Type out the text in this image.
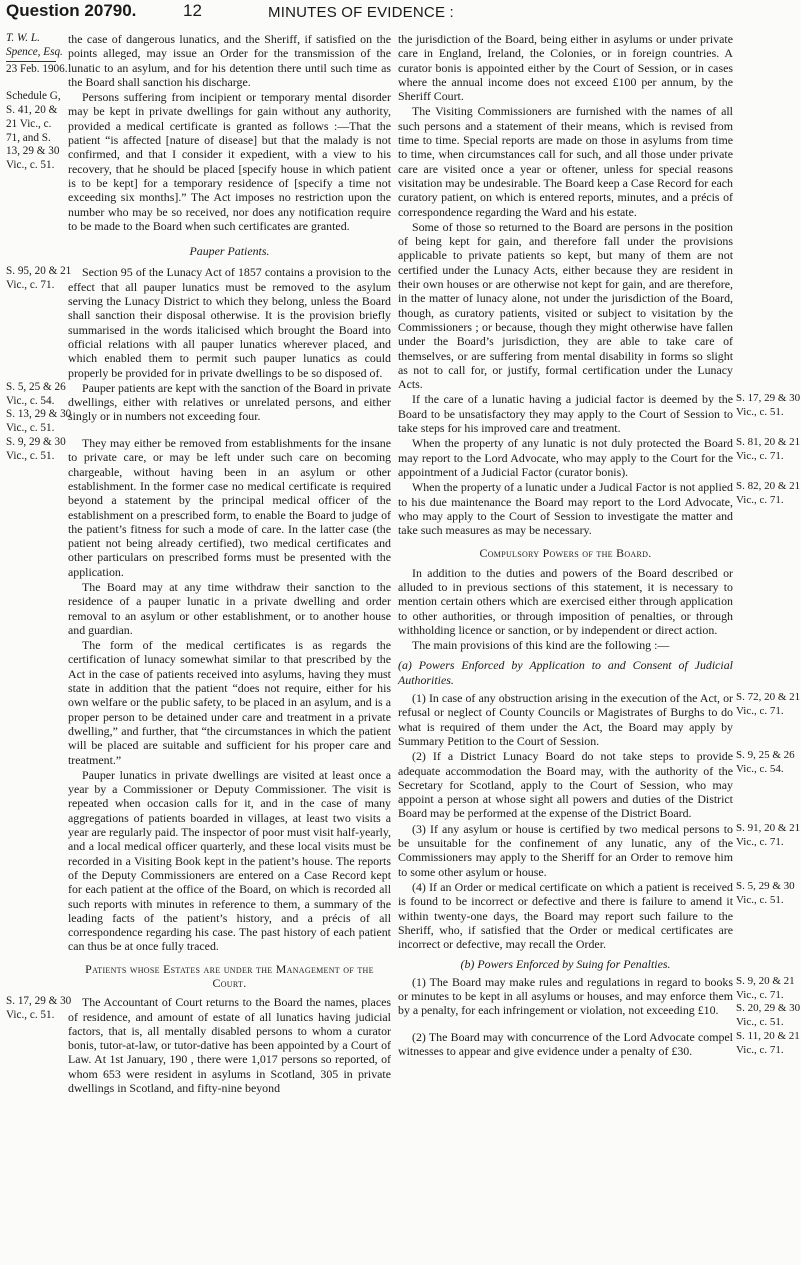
Question 20790.	12	MINUTES OF EVIDENCE :
T. W. L.
Spence, Esq.
23 Feb. 1906.

the case of dangerous lunatics, and the Sheriff, if satisfied on the points alleged, may issue an Order for the transmission of the lunatic to an asylum, and for his detention there until such time as the Board shall sanction his discharge.

Schedule G,
S. 41, 20 &
21 Vic., c.
71, and S.
13, 29 & 30
Vic., c. 51.

Persons suffering from incipient or temporary mental disorder may be kept in private dwellings for gain without any authority, provided a medical certificate is granted as follows :—That the patient “is affected [nature of disease] but that the malady is not confirmed, and that I consider it expedient, with a view to his recovery, that he should be placed [specify house in which patient is to be kept] for a temporary residence of [specify a time not exceeding six months].” The Act imposes no restriction upon the number who may be so received, nor does any notification require to be made to the Board when such certificates are granted.

Pauper Patients.

S. 95, 20 & 21
Vic., c. 71.

Section 95 of the Lunacy Act of 1857 contains a provision to the effect that all pauper lunatics must be removed to the asylum serving the Lunacy District to which they belong, unless the Board shall sanction their disposal otherwise. It is the provision briefly summarised in the words italicised which brought the Board into official relations with all pauper lunatics wherever placed, and which enabled them to permit such pauper lunatics as could properly be provided for in private dwellings to be so disposed of.

S. 5, 25 & 26
Vic., c. 54.
S. 13, 29 & 30
Vic., c. 51.

Pauper patients are kept with the sanction of the Board in private dwellings, either with relatives or unrelated persons, and either singly or in numbers not exceeding four.

S. 9, 29 & 30
Vic., c. 51.

They may either be removed from establishments for the insane to private care, or may be left under such care on becoming chargeable, without having been in an asylum or other establishment. In the former case no medical certificate is required beyond a statement by the principal medical officer of the establishment on a prescribed form, to enable the Board to judge of the patient’s fitness for such a mode of care. In the latter case (the patient not being already certified), two medical certificates and other particulars on prescribed forms must be presented with the application.

The Board may at any time withdraw their sanction to the residence of a pauper lunatic in a private dwelling and order removal to an asylum or other establishment, or to another house and guardian.

The form of the medical certificates is as regards the certification of lunacy somewhat similar to that prescribed by the Act in the case of patients received into asylums, having they must state in addition that the patient “does not require, either for his own welfare or the public safety, to be placed in an asylum, and is a proper person to be detained under care and treatment in a private dwelling,” and further, that “the circumstances in which the patient will be placed are suitable and sufficient for his proper care and treatment.”

Pauper lunatics in private dwellings are visited at least once a year by a Commissioner or Deputy Commissioner. The visit is repeated when occasion calls for it, and in the case of many aggregations of patients boarded in villages, at least two visits a year are regularly paid. The inspector of poor must visit half-yearly, and a local medical officer quarterly, and these local visits must be recorded in a Visiting Book kept in the patient’s house. The reports of the Deputy Commissioners are entered on a Case Record kept for each patient at the office of the Board, on which is recorded all such reports with minutes in reference to them, a summary of the leading facts of the patient’s history, and a précis of all correspondence regarding his case. The past history of each patient can thus be at once fully traced.

Patients whose Estates are under the Management of the Court.

S. 17, 29 & 30
Vic., c. 51.

The Accountant of Court returns to the Board the names, places of residence, and amount of estate of all lunatics having judicial factors, that is, all mentally disabled persons to whom a curator bonis, tutor-at-law, or tutor-dative has been appointed by a Court of Law. At 1st January, 190 , there were 1,017 persons so reported, of whom 653 were resident in asylums in Scotland, 305 in private dwellings in Scotland, and fifty-nine beyond

the jurisdiction of the Board, being either in asylums or under private care in England, Ireland, the Colonies, or in foreign countries. A curator bonis is appointed either by the Court of Session, or in cases where the annual income does not exceed £100 per annum, by the Sheriff Court.

The Visiting Commissioners are furnished with the names of all such persons and a statement of their means, which is revised from time to time. Special reports are made on those in asylums from time to time, when circumstances call for such, and all those under private care are visited once a year or oftener, unless for special reasons visitation may be undesirable. The Board keep a Case Record for each curatory patient, on which is entered reports, minutes, and a précis of correspondence regarding the Ward and his estate.

Some of those so returned to the Board are persons in the position of being kept for gain, and therefore fall under the provisions applicable to private patients so kept, but many of them are not certified under the Lunacy Acts, either because they are resident in their own houses or are otherwise not kept for gain, and are therefore, in the matter of lunacy alone, not under the jurisdiction of the Board, though, as curatory patients, visited or subject to visitation by the Commissioners ; or because, though they might otherwise have fallen under the Board’s jurisdiction, they are able to take care of themselves, or are suffering from mental disability in forms so slight as not to call for, or justify, formal certification under the Lunacy Acts.

If the care of a lunatic having a judicial factor is deemed by the Board to be unsatisfactory they may apply to the Court of Session to take steps for his improved care and treatment.

S. 17, 29 & 30
Vic., c. 51.

When the property of any lunatic is not duly protected the Board may report to the Lord Advocate, who may apply to the Court for the appointment of a Judicial Factor (curator bonis).

S. 81, 20 & 21
Vic., c. 71.

When the property of a lunatic under a Judical Factor is not applied to his due maintenance the Board may report to the Lord Advocate, who may apply to the Court of Session to investigate the matter and take such measures as may be necessary.

S. 82, 20 & 21
Vic., c. 71.

Compulsory Powers of the Board.

In addition to the duties and powers of the Board described or alluded to in previous sections of this statement, it is necessary to mention certain others which are exercised either through application to other authorities, or through imposition of penalties, or through withholding licence or sanction, or by independent or direct action.

The main provisions of this kind are the following :—

(a) Powers Enforced by Application to and Consent of Judicial Authorities.

(1) In case of any obstruction arising in the execution of the Act, or refusal or neglect of County Councils or Magistrates of Burghs to do what is required of them under the Act, the Board may apply by Summary Petition to the Court of Session.

S. 72, 20 & 21
Vic., c. 71.

(2) If a District Lunacy Board do not take steps to provide adequate accommodation the Board may, with the authority of the Secretary for Scotland, apply to the Court of Session, who may appoint a person at whose sight all powers and duties of the District Board may be performed at the expense of the District Board.

S. 9, 25 & 26
Vic., c. 54.

(3) If any asylum or house is certified by two medical persons to be unsuitable for the confinement of any lunatic, any of the Commissioners may apply to the Sheriff for an Order to remove him to some other asylum or house.

S. 91, 20 & 21
Vic., c. 71.

(4) If an Order or medical certificate on which a patient is received is found to be incorrect or defective and there is failure to amend it within twenty-one days, the Board may report such failure to the Sheriff, who, if satisfied that the Order or medical certificates are incorrect or defective, may recall the Order.

S. 5, 29 & 30
Vic., c. 51.

(b) Powers Enforced by Suing for Penalties.

(1) The Board may make rules and regulations in regard to books or minutes to be kept in all asylums or houses, and may enforce them by a penalty, for each infringement or violation, not exceeding £10.

S. 9, 20 & 21
Vic., c. 71.
S. 20, 29 & 30
Vic., c. 51.

(2) The Board may with concurrence of the Lord Advocate compel witnesses to appear and give evidence under a penalty of £30.

S. 11, 20 & 21
Vic., c. 71.
